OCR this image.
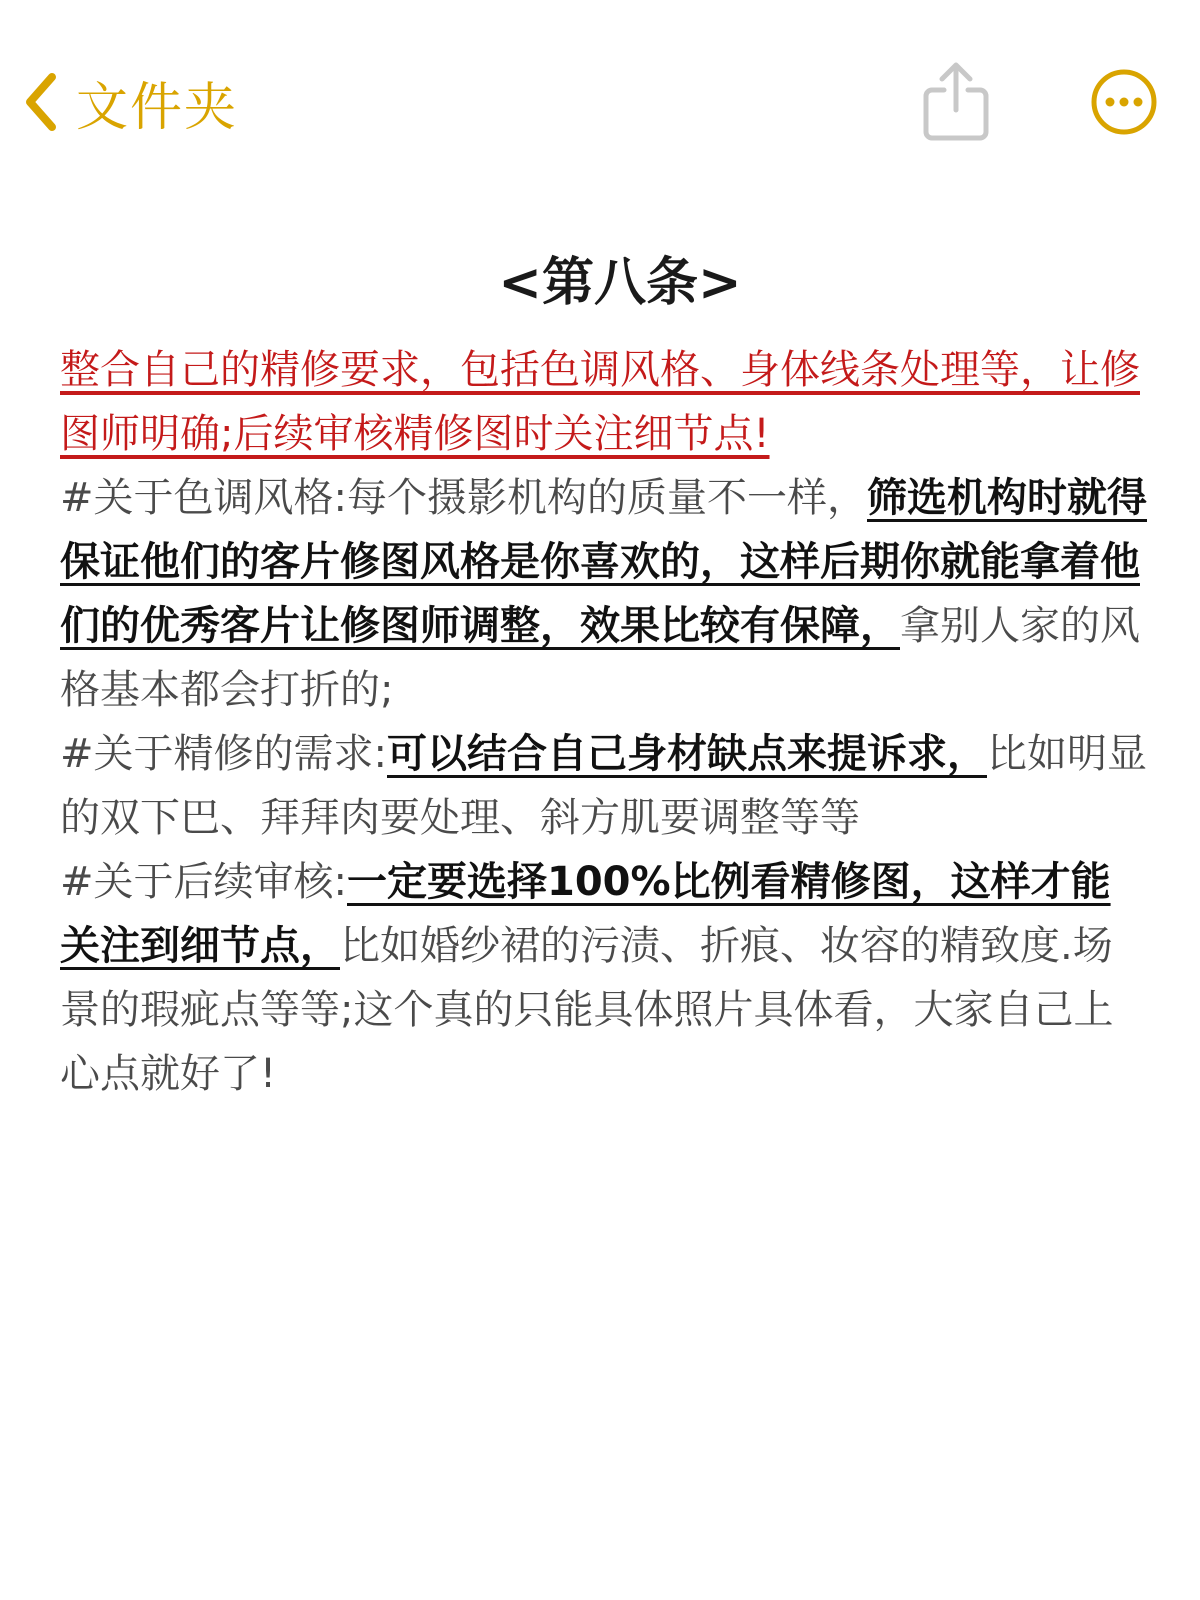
文件夹
<第八条>
整合自己的精修要求，包括色调风格、身体线条处理等，让修图师明确;后续审核精修图时关注细节点!
#关于色调风格:每个摄影机构的质量不一样，筛选机构时就得保证他们的客片修图风格是你喜欢的，这样后期你就能拿着他们的优秀客片让修图师调整，效果比较有保障，拿别人家的风格基本都会打折的;
#关于精修的需求:可以结合自己身材缺点来提诉求，比如明显的双下巴、拜拜肉要处理、斜方肌要调整等等
#关于后续审核:一定要选择100%比例看精修图，这样才能关注到细节点，比如婚纱裙的污渍、折痕、妆容的精致度.场景的瑕疵点等等;这个真的只能具体照片具体看，大家自己上心点就好了!
